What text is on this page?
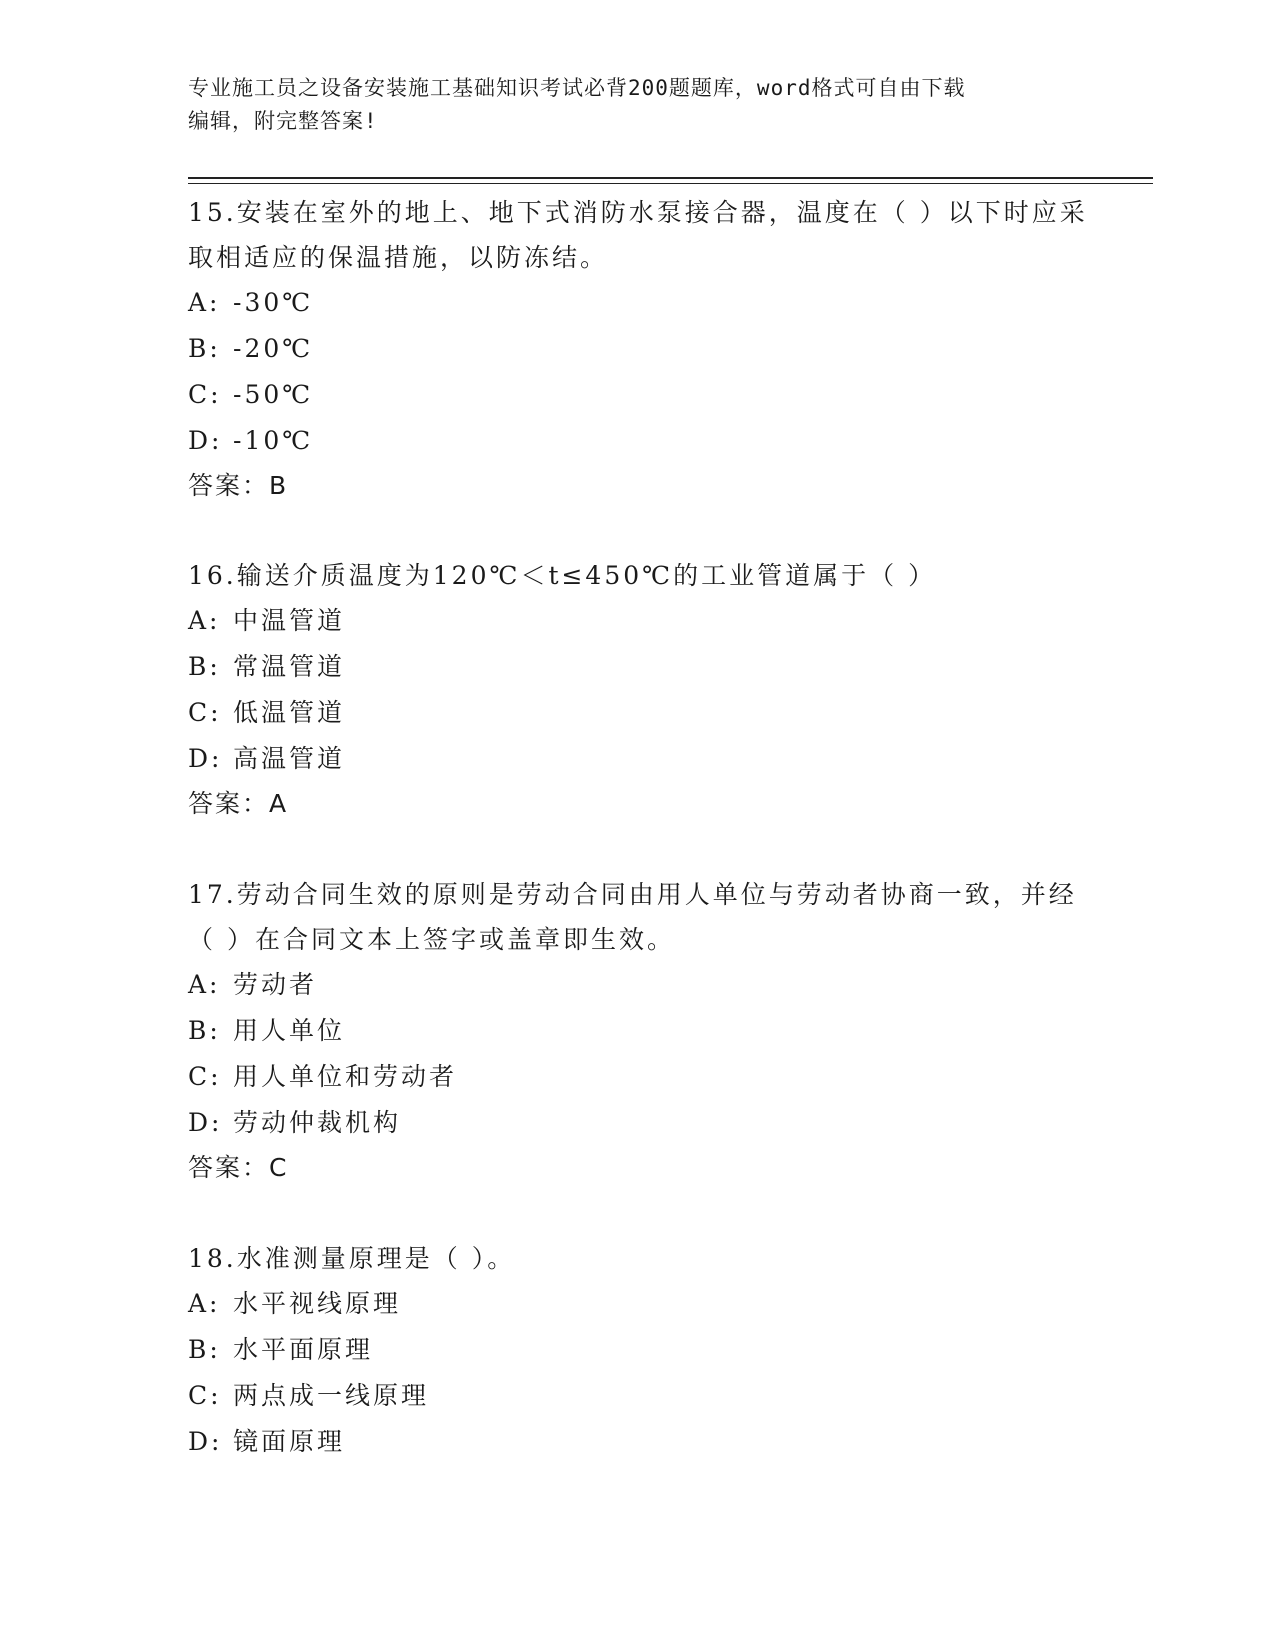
专业施工员之设备安装施工基础知识考试必背200题题库，word格式可自由下载
编辑，附完整答案!
15.安装在室外的地上、地下式消防水泵接合器，温度在（ ）以下时应采取相适应的保温措施，以防冻结。
A: -30℃
B: -20℃
C: -50℃
D: -10℃
答案：B
16.输送介质温度为120℃＜t≤450℃的工业管道属于（ ）
A: 中温管道
B: 常温管道
C: 低温管道
D: 高温管道
答案：A
17.劳动合同生效的原则是劳动合同由用人单位与劳动者协商一致，并经（ ）在合同文本上签字或盖章即生效。
A: 劳动者
B: 用人单位
C: 用人单位和劳动者
D: 劳动仲裁机构
答案：C
18.水准测量原理是（ ）。
A: 水平视线原理
B: 水平面原理
C: 两点成一线原理
D: 镜面原理
